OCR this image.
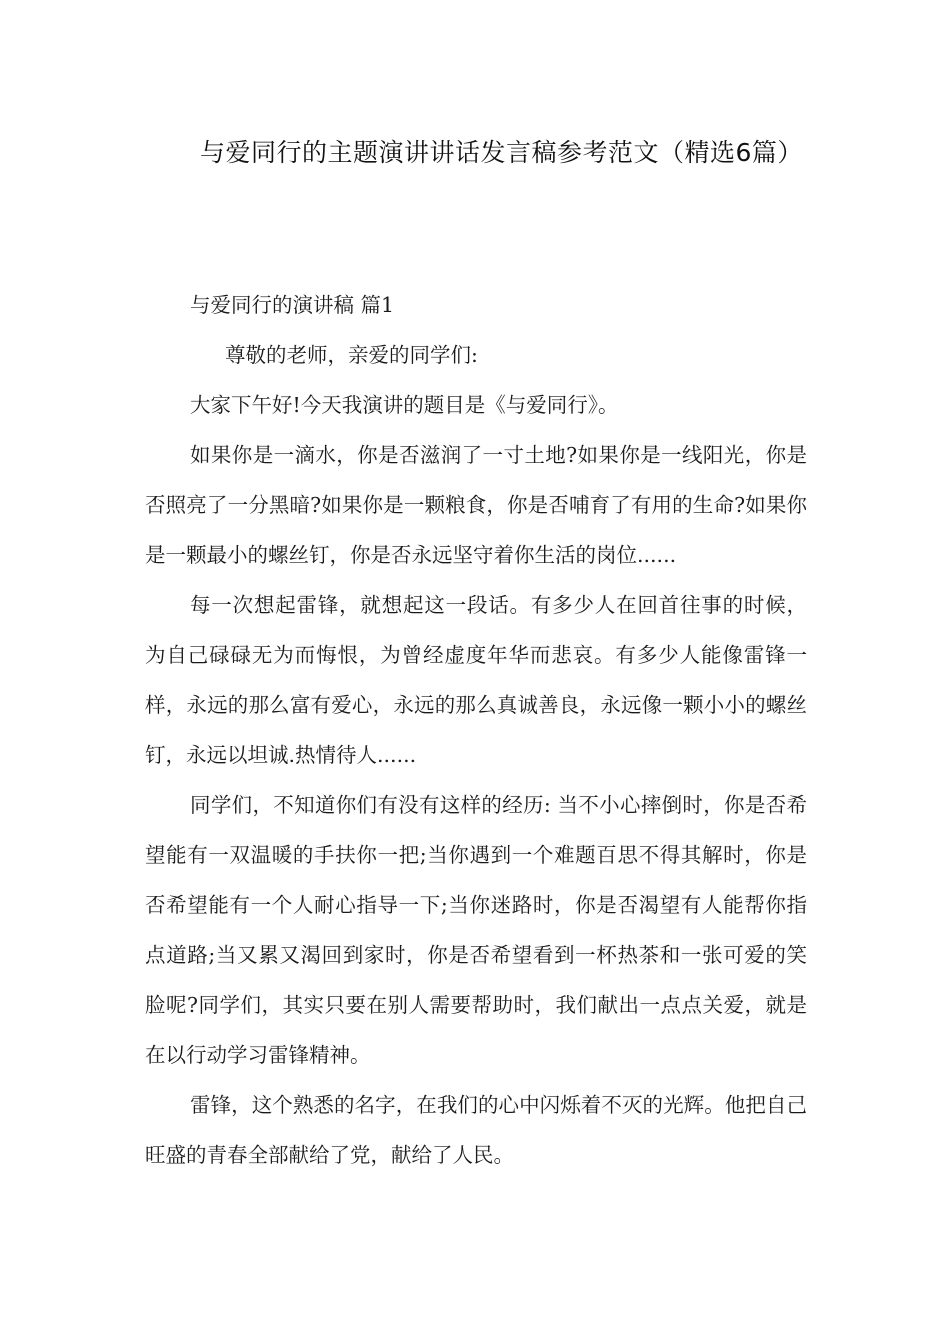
与爱同行的主题演讲讲话发言稿参考范文（精选6篇）

与爱同行的演讲稿 篇1

尊敬的老师，亲爱的同学们:

大家下午好!今天我演讲的题目是《与爱同行》。

如果你是一滴水，你是否滋润了一寸土地?如果你是一线阳光，你是否照亮了一分黑暗?如果你是一颗粮食，你是否哺育了有用的生命?如果你是一颗最小的螺丝钉，你是否永远坚守着你生活的岗位......

每一次想起雷锋，就想起这一段话。有多少人在回首往事的时候， 为自己碌碌无为而悔恨，为曾经虚度年华而悲哀。有多少人能像雷锋一样，永远的那么富有爱心，永远的那么真诚善良，永远像一颗小小的螺丝钉，永远以坦诚.热情待人......

同学们，不知道你们有没有这样的经历: 当不小心摔倒时，你是否希望能有一双温暖的手扶你一把;当你遇到一个难题百思不得其解时，你是否希望能有一个人耐心指导一下;当你迷路时，你是否渴望有人能帮你指点道路;当又累又渴回到家时，你是否希望看到一杯热茶和一张可爱的笑脸呢?同学们，其实只要在别人需要帮助时，我们献出一点点关爱，就是在以行动学习雷锋精神。

雷锋，这个熟悉的名字，在我们的心中闪烁着不灭的光辉。他把自己旺盛的青春全部献给了党，献给了人民。
